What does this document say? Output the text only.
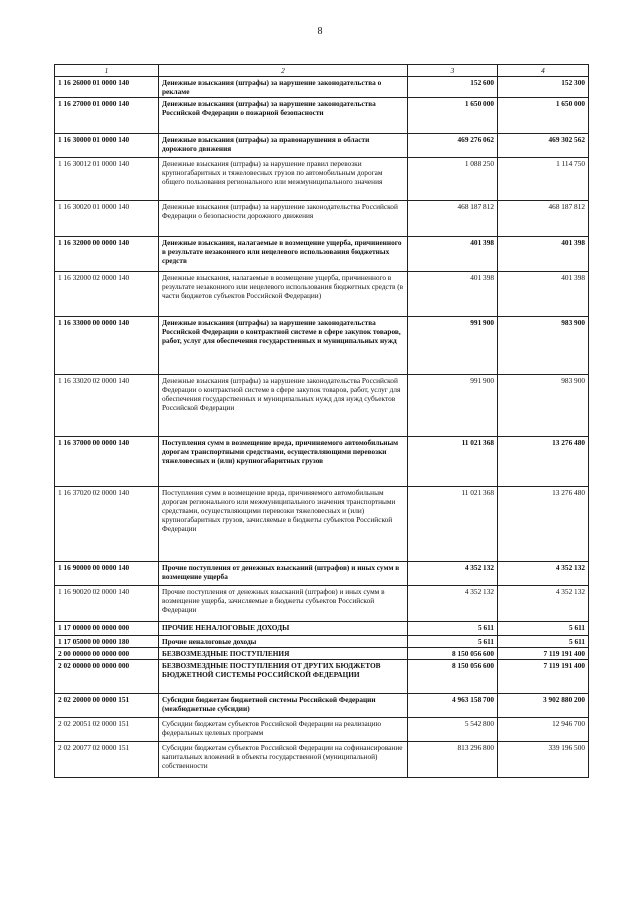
8
1	2	3	4
1 16 26000 01 0000 140	Денежные взыскания (штрафы) за нарушение законодательства о рекламе	152 600	152 300
1 16 27000 01 0000 140	Денежные взыскания (штрафы) за нарушение законодательства Российской Федерации о пожарной безопасности	1 650 000	1 650 000
1 16 30000 01 0000 140	Денежные взыскания (штрафы) за правонарушения в области дорожного движения	469 276 062	469 302 562
1 16 30012 01 0000 140	Денежные взыскания (штрафы) за нарушение правил перевозки крупногабаритных и тяжеловесных грузов по автомобильным дорогам общего пользования регионального или межмуниципального значения	1 088 250	1 114 750
1 16 30020 01 0000 140	Денежные взыскания (штрафы) за нарушение законодательства Российской Федерации о безопасности дорожного движения	468 187 812	468 187 812
1 16 32000 00 0000 140	Денежные взыскания, налагаемые в возмещение ущерба, причиненного в результате незаконного или нецелевого использования бюджетных средств	401 398	401 398
1 16 32000 02 0000 140	Денежные взыскания, налагаемые в возмещение ущерба, причиненного в результате незаконного или нецелевого использования бюджетных средств (в части бюджетов субъектов Российской Федерации)	401 398	401 398
1 16 33000 00 0000 140	Денежные взыскания (штрафы) за нарушение законодательства Российской Федерации о контрактной системе в сфере закупок товаров, работ, услуг для обеспечения государственных и муниципальных нужд	991 900	983 900
1 16 33020 02 0000 140	Денежные взыскания (штрафы) за нарушение законодательства Российской Федерации о контрактной системе в сфере закупок товаров, работ, услуг для обеспечения государственных и муниципальных нужд для нужд субъектов Российской Федерации	991 900	983 900
1 16 37000 00 0000 140	Поступления сумм в возмещение вреда, причиняемого автомобильным дорогам транспортными средствами, осуществляющими перевозки тяжеловесных и (или) крупногабаритных грузов	11 021 368	13 276 480
1 16 37020 02 0000 140	Поступления сумм в возмещение вреда, причиняемого автомобильным дорогам регионального или межмуниципального значения транспортными средствами, осуществляющими перевозки тяжеловесных и (или) крупногабаритных грузов, зачисляемые в бюджеты субъектов Российской Федерации	11 021 368	13 276 480
1 16 90000 00 0000 140	Прочие поступления от денежных взысканий (штрафов) и иных сумм в возмещение ущерба	4 352 132	4 352 132
1 16 90020 02 0000 140	Прочие поступления от денежных взысканий (штрафов) и иных сумм в возмещение ущерба, зачисляемые в бюджеты субъектов Российской Федерации	4 352 132	4 352 132
1 17 00000 00 0000 000	ПРОЧИЕ НЕНАЛОГОВЫЕ ДОХОДЫ	5 611	5 611
1 17 05000 00 0000 180	Прочие неналоговые доходы	5 611	5 611
2 00 00000 00 0000 000	БЕЗВОЗМЕЗДНЫЕ ПОСТУПЛЕНИЯ	8 150 056 600	7 119 191 400
2 02 00000 00 0000 000	БЕЗВОЗМЕЗДНЫЕ ПОСТУПЛЕНИЯ ОТ ДРУГИХ БЮДЖЕТОВ БЮДЖЕТНОЙ СИСТЕМЫ РОССИЙСКОЙ ФЕДЕРАЦИИ	8 150 056 600	7 119 191 400
2 02 20000 00 0000 151	Субсидии бюджетам бюджетной системы Российской Федерации (межбюджетные субсидии)	4 963 158 700	3 902 880 200
2 02 20051 02 0000 151	Субсидии бюджетам субъектов Российской Федерации на реализацию федеральных целевых программ	5 542 800	12 946 700
2 02 20077 02 0000 151	Субсидии бюджетам субъектов Российской Федерации на софинансирование капитальных вложений в объекты государственной (муниципальной) собственности	813 296 800	339 196 500
